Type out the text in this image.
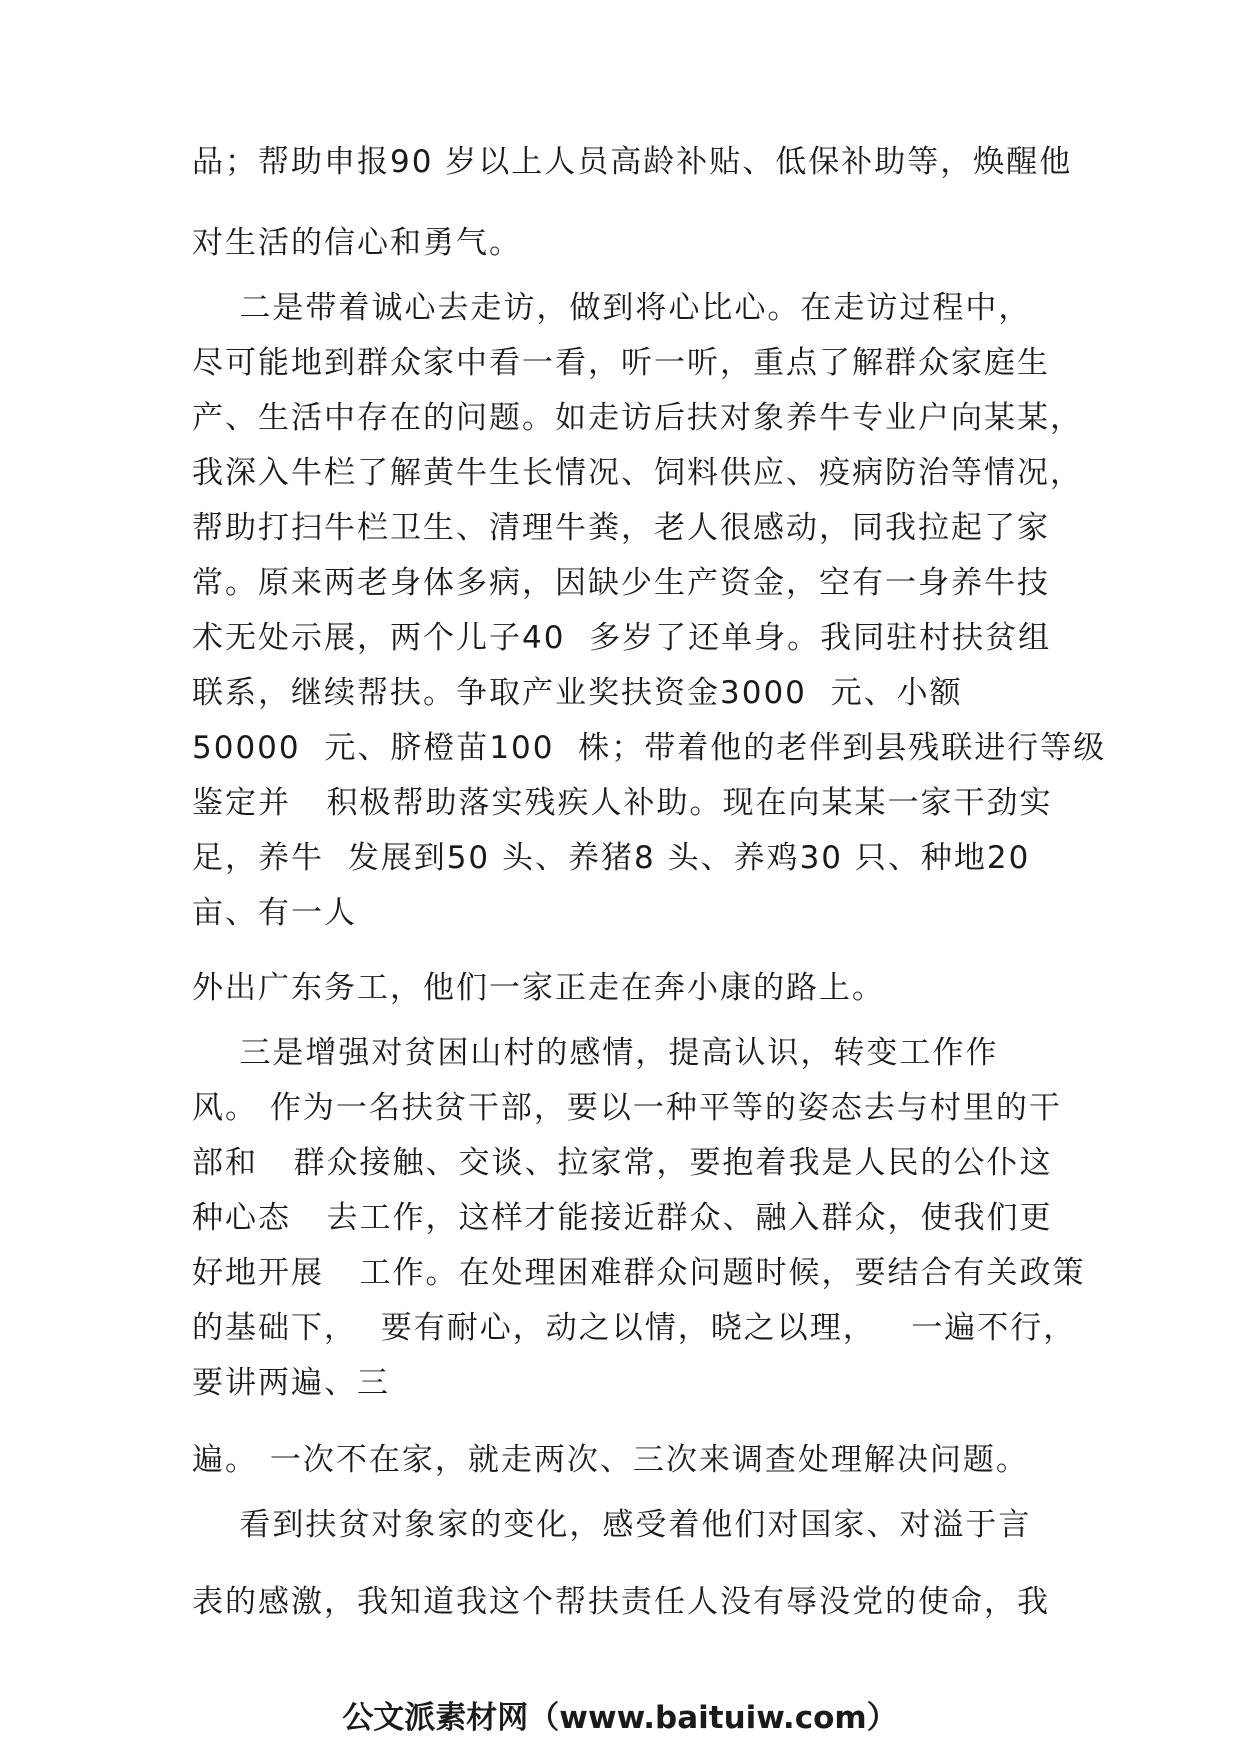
品；帮助申报90 岁以上人员高龄补贴、低保补助等，焕醒他
对生活的信心和勇气。
二是带着诚心去走访，做到将心比心。在走访过程中，
尽可能地到群众家中看一看，听一听，重点了解群众家庭生
产、生活中存在的问题。如走访后扶对象养牛专业户向某某，
我深入牛栏了解黄牛生长情况、饲料供应、疫病防治等情况，
帮助打扫牛栏卫生、清理牛粪，老人很感动，同我拉起了家
常。原来两老身体多病，因缺少生产资金，空有一身养牛技
术无处示展，两个儿子40  多岁了还单身。我同驻村扶贫组
联系，继续帮扶。争取产业奖扶资金3000  元、小额
50000  元、脐橙苗100  株；带着他的老伴到县残联进行等级
鉴定并   积极帮助落实残疾人补助。现在向某某一家干劲实
足，养牛  发展到50 头、养猪8 头、养鸡30 只、种地20
亩、有一人
外出广东务工，他们一家正走在奔小康的路上。
三是增强对贫困山村的感情，提高认识，转变工作作
风。 作为一名扶贫干部，要以一种平等的姿态去与村里的干
部和   群众接触、交谈、拉家常，要抱着我是人民的公仆这
种心态   去工作，这样才能接近群众、融入群众，使我们更
好地开展   工作。在处理困难群众问题时候，要结合有关政策
的基础下，  要有耐心，动之以情，晓之以理，   一遍不行，
要讲两遍、三
遍。 一次不在家，就走两次、三次来调查处理解决问题。
看到扶贫对象家的变化，感受着他们对国家、对溢于言
表的感激，我知道我这个帮扶责任人没有辱没党的使命，我
公文派素材网（www.baituiw.com）
